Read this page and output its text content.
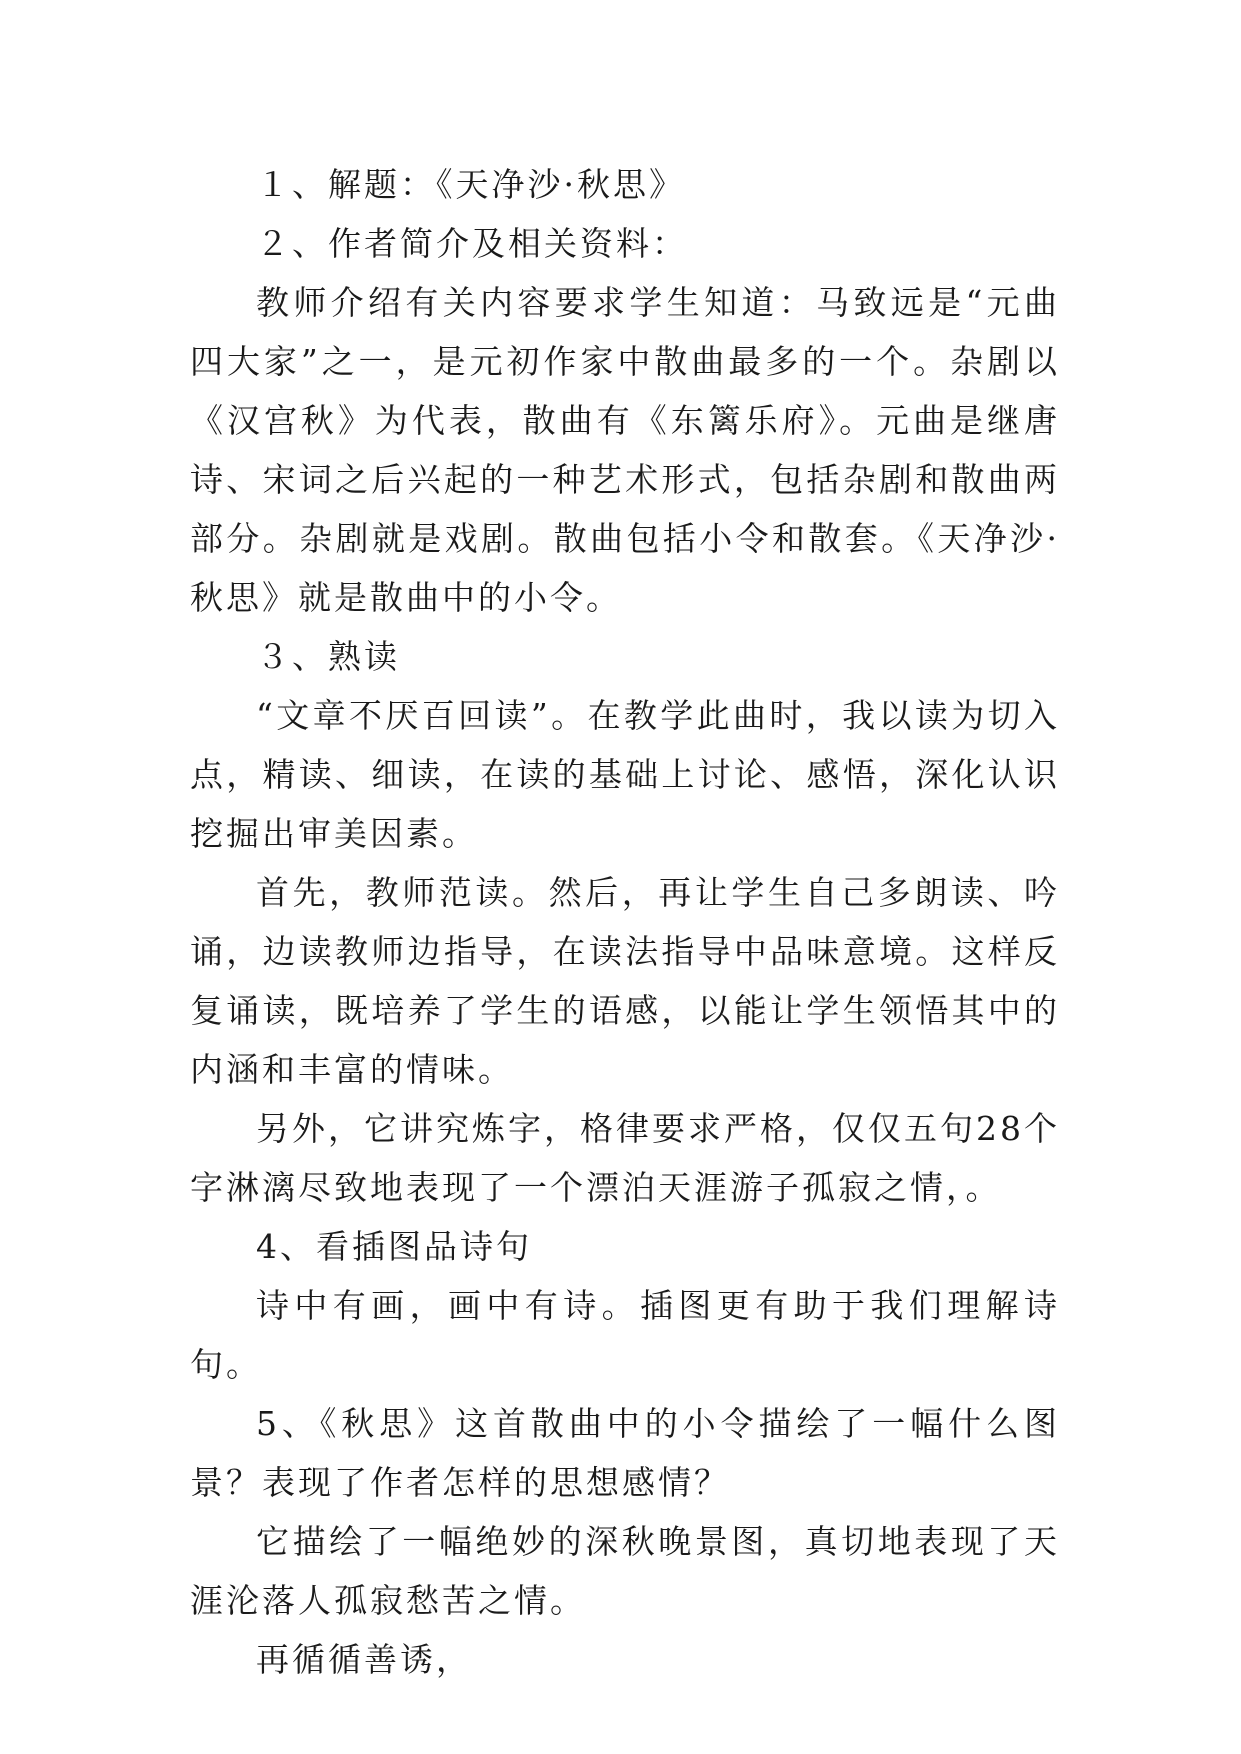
１、解题：《天净沙·秋思》

２、作者简介及相关资料：

教师介绍有关内容要求学生知道：马致远是“元曲四大家”之一，是元初作家中散曲最多的一个。杂剧以《汉宫秋》为代表，散曲有《东篱乐府》。元曲是继唐诗、宋词之后兴起的一种艺术形式，包括杂剧和散曲两部分。杂剧就是戏剧。散曲包括小令和散套。《天净沙·秋思》就是散曲中的小令。

３、熟读

“文章不厌百回读”。在教学此曲时，我以读为切入点，精读、细读，在读的基础上讨论、感悟，深化认识挖掘出审美因素。

首先，教师范读。然后，再让学生自己多朗读、吟诵，边读教师边指导，在读法指导中品味意境。这样反复诵读，既培养了学生的语感，以能让学生领悟其中的内涵和丰富的情味。

另外，它讲究炼字，格律要求严格，仅仅五句28个字淋漓尽致地表现了一个漂泊天涯游子孤寂之情，。

4、看插图品诗句

诗中有画，画中有诗。插图更有助于我们理解诗句。

5、《秋思》这首散曲中的小令描绘了一幅什么图景？表现了作者怎样的思想感情？

它描绘了一幅绝妙的深秋晚景图，真切地表现了天涯沦落人孤寂愁苦之情。

再循循善诱，
